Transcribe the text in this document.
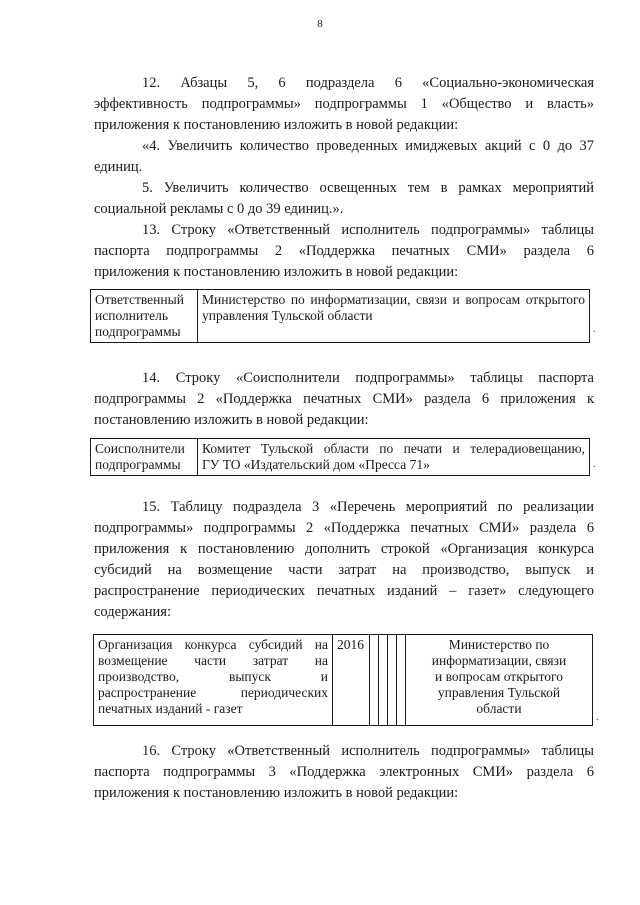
8
12. Абзацы 5, 6 подраздела 6 «Социально-экономическая
эффективность подпрограммы» подпрограммы 1 «Общество и власть»
приложения к постановлению изложить в новой редакции:
«4. Увеличить количество проведенных имиджевых акций с 0 до 37
единиц.
5. Увеличить количество освещенных тем в рамках мероприятий
социальной рекламы с 0 до 39 единиц.».
13. Строку «Ответственный исполнитель подпрограммы» таблицы
паспорта подпрограммы 2 «Поддержка печатных СМИ» раздела 6
приложения к постановлению изложить в новой редакции:
Ответственный
исполнитель
подпрограммы

Министерство по информатизации, связи и вопросам открытого
управления Тульской области
.
14. Строку «Соисполнители подпрограммы» таблицы паспорта
подпрограммы 2 «Поддержка печатных СМИ» раздела 6 приложения к
постановлению изложить в новой редакции:
Соисполнители
подпрограммы

Комитет Тульской области по печати и телерадиовещанию,
ГУ ТО «Издательский дом «Пресса 71»	.
15. Таблицу подраздела 3 «Перечень мероприятий по реализации
подпрограммы» подпрограммы 2 «Поддержка печатных СМИ» раздела 6
приложения к постановлению дополнить строкой «Организация конкурса
субсидий на возмещение части затрат на производство, выпуск и
распространение периодических печатных изданий – газет» следующего
содержания:
Организация конкурса субсидий на
возмещение части затрат на
производство, выпуск и
распространение периодических
печатных изданий - газет

2016					Министерство по
информатизации, связи
и вопросам открытого
управления Тульской
области
.
16. Строку «Ответственный исполнитель подпрограммы» таблицы
паспорта подпрограммы 3 «Поддержка электронных СМИ» раздела 6
приложения к постановлению изложить в новой редакции:
